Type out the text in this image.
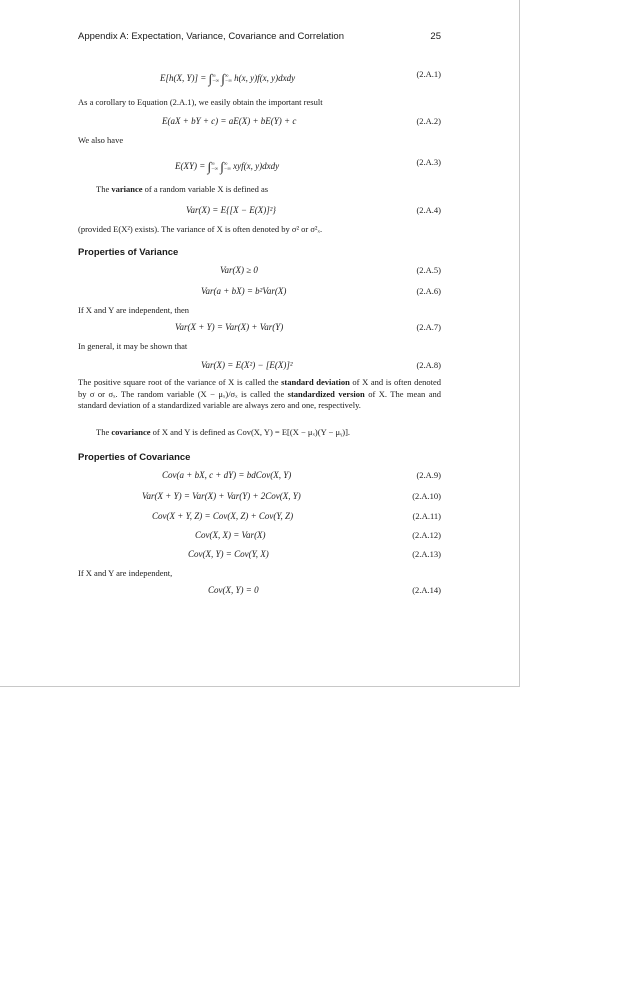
Appendix A: Expectation, Variance, Covariance and Correlation	25
E[h(X, Y)] = ∫∞
−∞ ∫∞
−∞ h(x, y)f(x, y)dxdy	(2.A.1)
As a corollary to Equation (2.A.1), we easily obtain the important result
E(aX + bY + c) = aE(X) + bE(Y) + c	(2.A.2)
We also have
E(XY) = ∫∞
−∞ ∫∞
−∞ xyf(x, y)dxdy	(2.A.3)
The variance of a random variable X is defined as
Var(X) = E{[X − E(X)]²}	(2.A.4)
(provided E(X²) exists). The variance of X is often denoted by σ² or σ²ₓ.
Properties of Variance
Var(X) ≥ 0	(2.A.5)
Var(a + bX) = b²Var(X)	(2.A.6)
If X and Y are independent, then
Var(X + Y) = Var(X) + Var(Y)	(2.A.7)
In general, it may be shown that
Var(X) = E(X²) − [E(X)]²	(2.A.8)
The positive square root of the variance of X is called the standard deviation of X and is often denoted by σ or σₓ. The random variable (X − μₓ)/σₓ is called the standardized version of X. The mean and standard deviation of a standardized variable are always zero and one, respectively.
The covariance of X and Y is defined as Cov(X, Y) = E[(X − μₓ)(Y − μᵧ)].
Properties of Covariance
Cov(a + bX, c + dY) = bdCov(X, Y)	(2.A.9)
Var(X + Y) = Var(X) + Var(Y) + 2Cov(X, Y)	(2.A.10)
Cov(X + Y, Z) = Cov(X, Z) + Cov(Y, Z)	(2.A.11)
Cov(X, X) = Var(X)	(2.A.12)
Cov(X, Y) = Cov(Y, X)	(2.A.13)
If X and Y are independent,
Cov(X, Y) = 0	(2.A.14)
